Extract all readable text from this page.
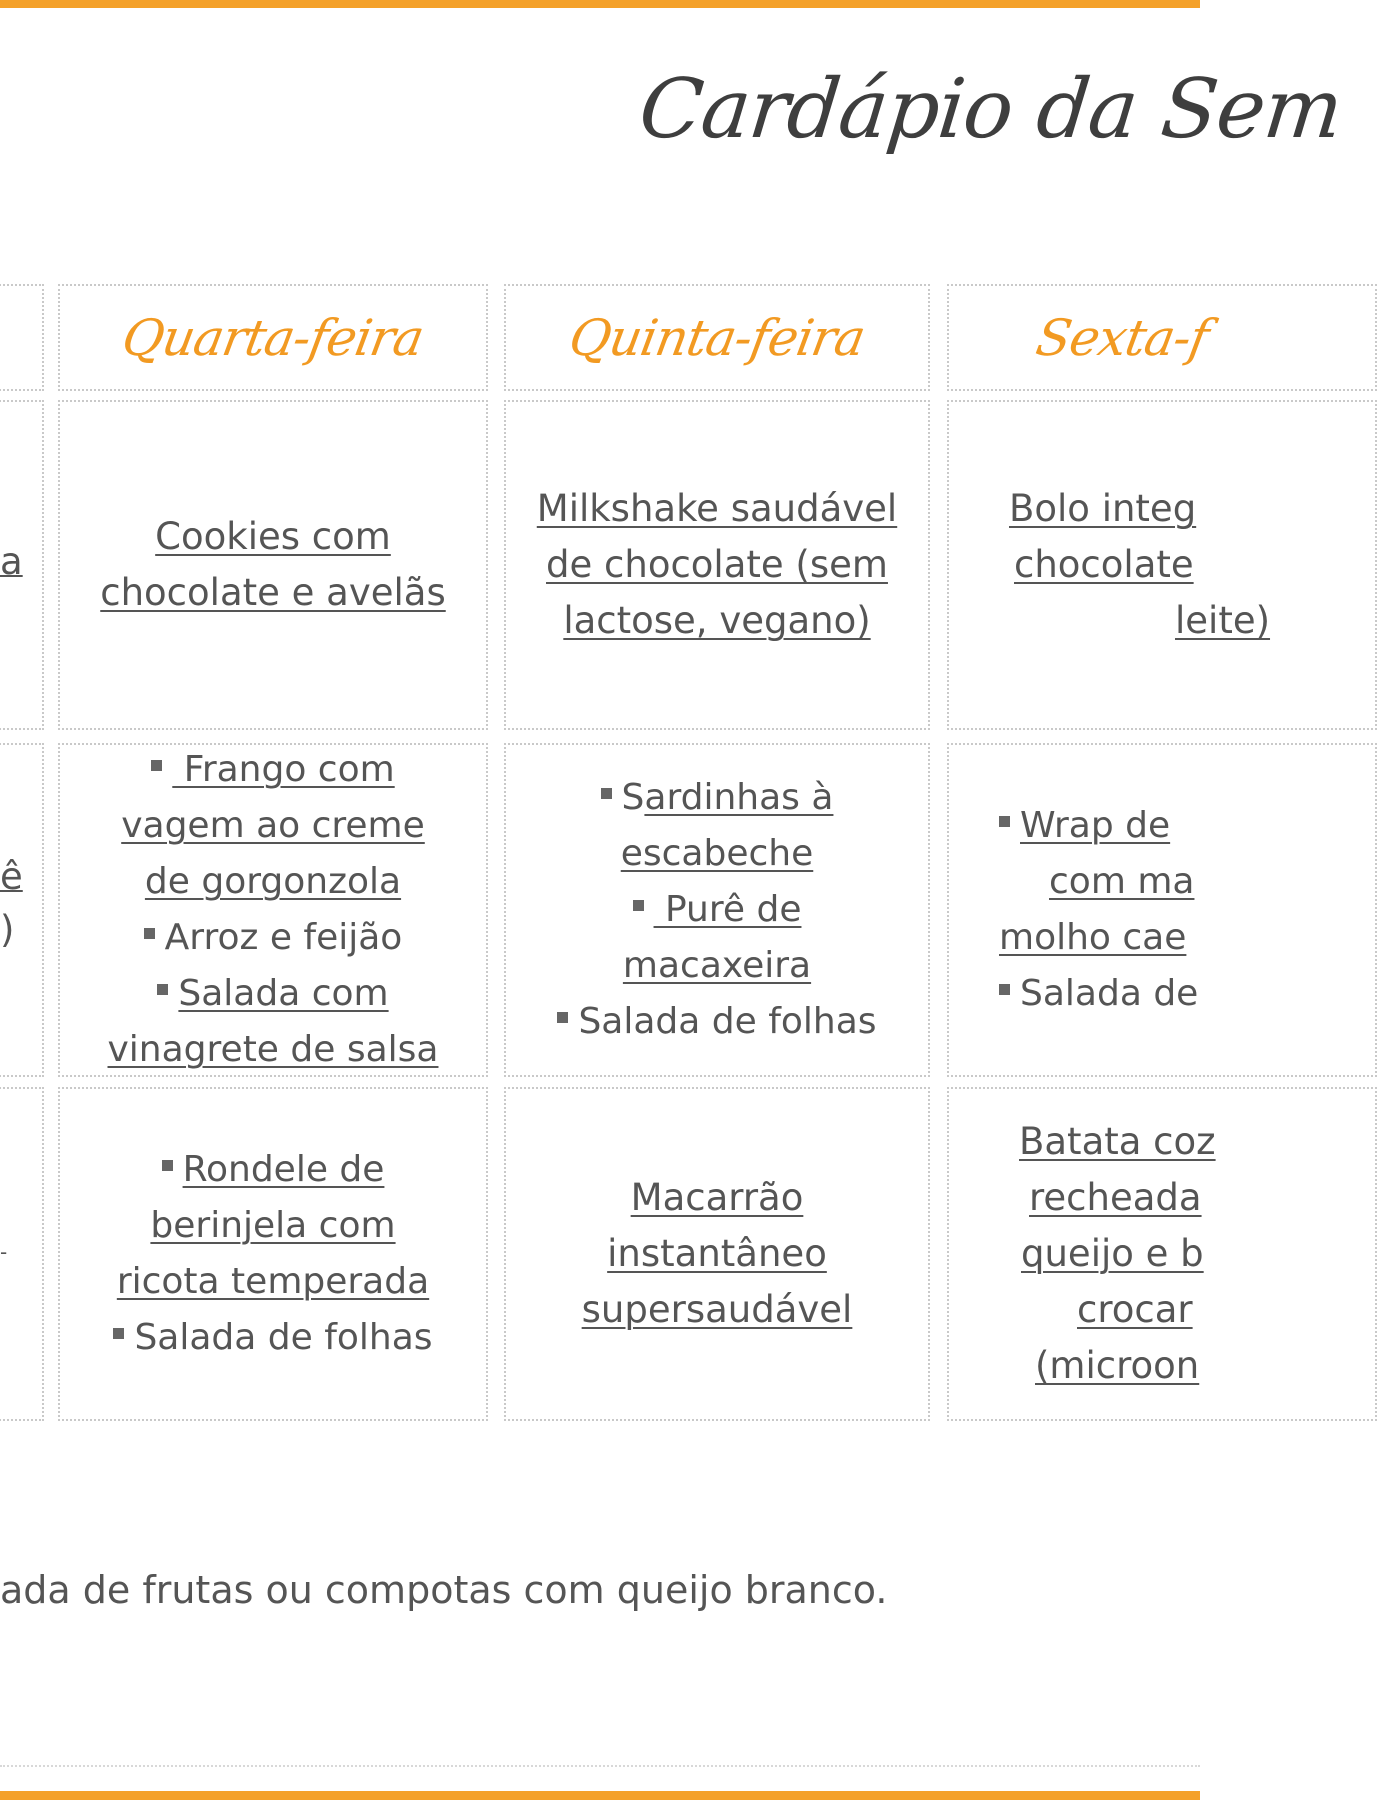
Cardápio da Sem
a
ê
)
-
Quarta-feira	Quinta-feira	Sexta-f
Cookies com
chocolate e avelãs
Milkshake saudável
de chocolate (sem
lactose, vegano)
Bolo integ
chocolate
leite)
Frango com
vagem ao creme
de gorgonzola
Arroz e feijão
Salada com
vinagrete de salsa
Sardinhas à
escabeche
Purê de
macaxeira
Salada de folhas
Wrap de
com ma
molho cae
Salada de
Rondele de
berinjela com
ricota temperada
Salada de folhas
Macarrão
instantâneo
supersaudável
Batata coz
recheada
queijo e b
crocar
(microon
ada de frutas ou compotas com queijo branco.
